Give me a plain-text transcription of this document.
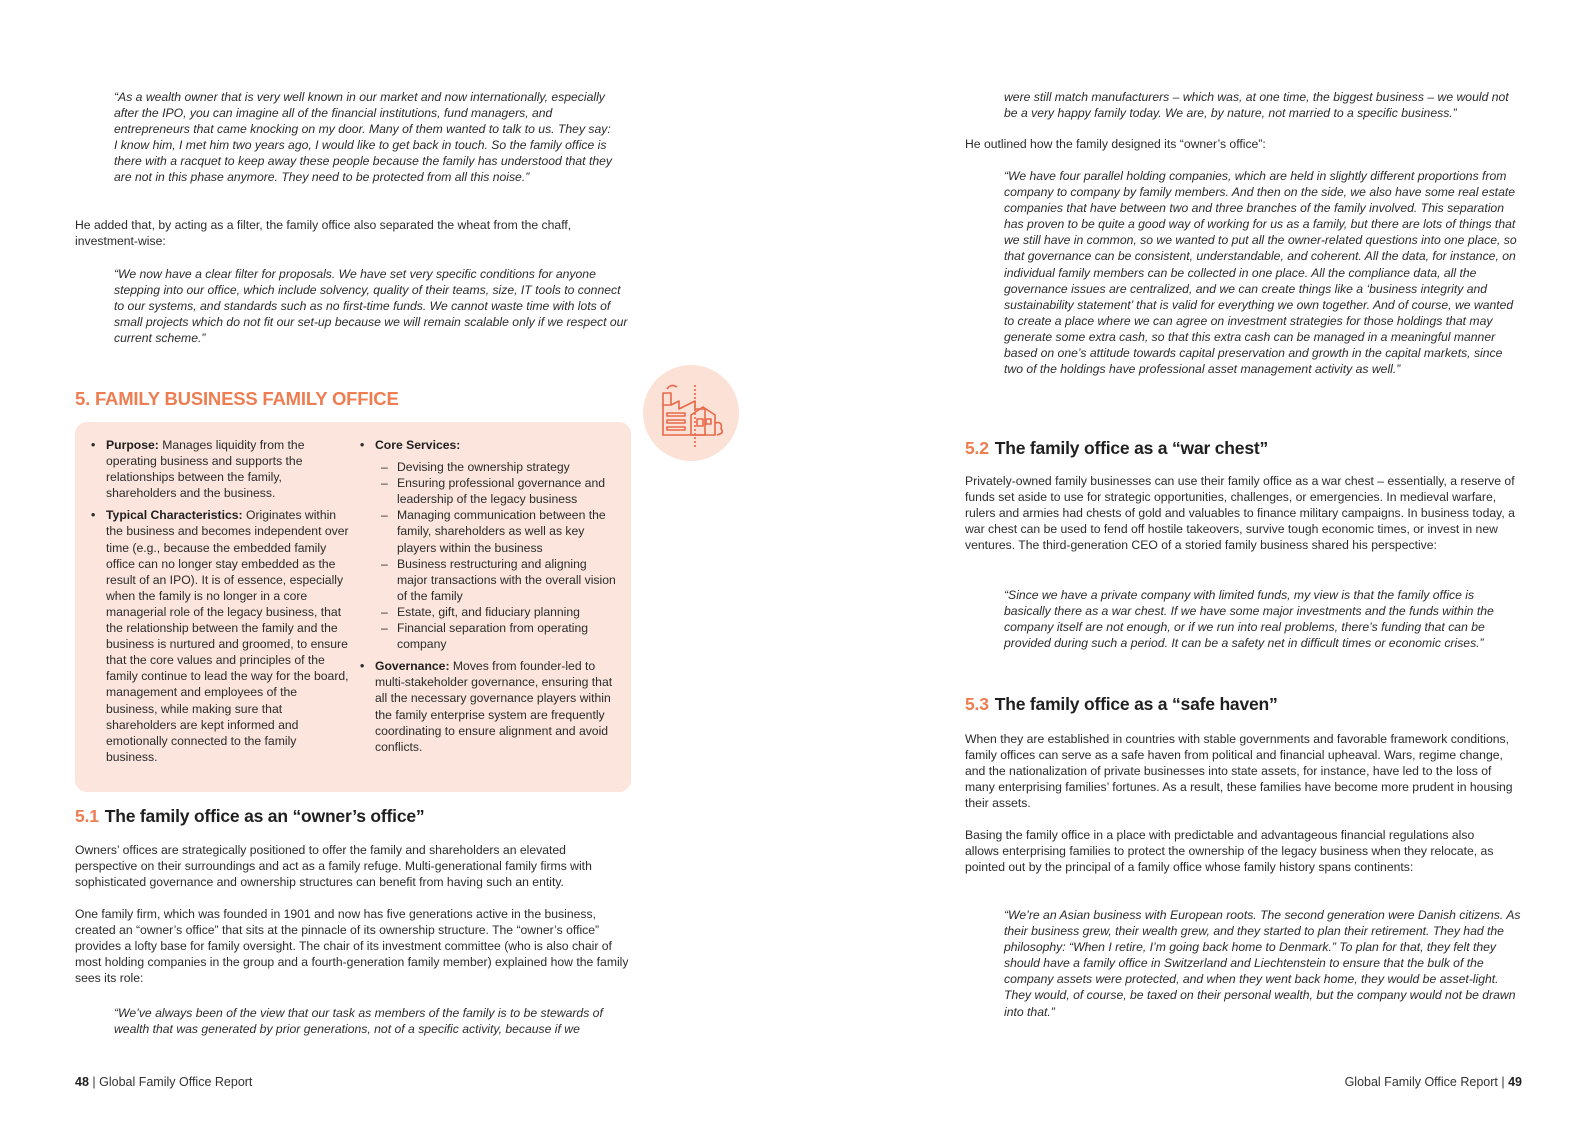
“As a wealth owner that is very well known in our market and now internationally, especially after the IPO, you can imagine all of the financial institutions, fund managers, and entrepreneurs that came knocking on my door. Many of them wanted to talk to us. They say: I know him, I met him two years ago, I would like to get back in touch. So the family office is there with a racquet to keep away these people because the family has understood that they are not in this phase anymore. They need to be protected from all this noise.”

He added that, by acting as a filter, the family office also separated the wheat from the chaff, investment-wise:

“We now have a clear filter for proposals. We have set very specific conditions for anyone stepping into our office, which include solvency, quality of their teams, size, IT tools to connect to our systems, and standards such as no first-time funds. We cannot waste time with lots of small projects which do not fit our set-up because we will remain scalable only if we respect our current scheme.”

5. FAMILY BUSINESS FAMILY OFFICE
• Purpose: Manages liquidity from the operating business and supports the relationships between the family, shareholders and the business.
• Typical Characteristics: Originates within the business and becomes independent over time (e.g., because the embedded family office can no longer stay embedded as the result of an IPO). It is of essence, especially when the family is no longer in a core managerial role of the legacy business, that the relationship between the family and the business is nurtured and groomed, to ensure that the core values and principles of the family continue to lead the way for the board, management and employees of the business, while making sure that shareholders are kept informed and emotionally connected to the family business.
• Core Services:
– Devising the ownership strategy
– Ensuring professional governance and leadership of the legacy business
– Managing communication between the family, shareholders as well as key players within the business
– Business restructuring and aligning major transactions with the overall vision of the family
– Estate, gift, and fiduciary planning
– Financial separation from operating company
• Governance: Moves from founder-led to multi-stakeholder governance, ensuring that all the necessary governance players within the family enterprise system are frequently coordinating to ensure alignment and avoid conflicts.
5.1 The family office as an “owner’s office”

Owners’ offices are strategically positioned to offer the family and shareholders an elevated perspective on their surroundings and act as a family refuge. Multi-generational family firms with sophisticated governance and ownership structures can benefit from having such an entity.

One family firm, which was founded in 1901 and now has five generations active in the business, created an “owner’s office” that sits at the pinnacle of its ownership structure. The “owner’s office” provides a lofty base for family oversight. The chair of its investment committee (who is also chair of most holding companies in the group and a fourth-generation family member) explained how the family sees its role:

“We’ve always been of the view that our task as members of the family is to be stewards of wealth that was generated by prior generations, not of a specific activity, because if we

48 | Global Family Office Report

were still match manufacturers – which was, at one time, the biggest business – we would not be a very happy family today. We are, by nature, not married to a specific business.”

He outlined how the family designed its “owner’s office”:

“We have four parallel holding companies, which are held in slightly different proportions from company to company by family members. And then on the side, we also have some real estate companies that have between two and three branches of the family involved. This separation has proven to be quite a good way of working for us as a family, but there are lots of things that we still have in common, so we wanted to put all the owner-related questions into one place, so that governance can be consistent, understandable, and coherent. All the data, for instance, on individual family members can be collected in one place. All the compliance data, all the governance issues are centralized, and we can create things like a ‘business integrity and sustainability statement’ that is valid for everything we own together. And of course, we wanted to create a place where we can agree on investment strategies for those holdings that may generate some extra cash, so that this extra cash can be managed in a meaningful manner based on one’s attitude towards capital preservation and growth in the capital markets, since two of the holdings have professional asset management activity as well.”

5.2 The family office as a “war chest”

Privately-owned family businesses can use their family office as a war chest – essentially, a reserve of funds set aside to use for strategic opportunities, challenges, or emergencies. In medieval warfare, rulers and armies had chests of gold and valuables to finance military campaigns. In business today, a war chest can be used to fend off hostile takeovers, survive tough economic times, or invest in new ventures. The third-generation CEO of a storied family business shared his perspective:

“Since we have a private company with limited funds, my view is that the family office is basically there as a war chest. If we have some major investments and the funds within the company itself are not enough, or if we run into real problems, there’s funding that can be provided during such a period. It can be a safety net in difficult times or economic crises.”

5.3 The family office as a “safe haven”

When they are established in countries with stable governments and favorable framework conditions, family offices can serve as a safe haven from political and financial upheaval. Wars, regime change, and the nationalization of private businesses into state assets, for instance, have led to the loss of many enterprising families’ fortunes. As a result, these families have become more prudent in housing their assets.

Basing the family office in a place with predictable and advantageous financial regulations also allows enterprising families to protect the ownership of the legacy business when they relocate, as pointed out by the principal of a family office whose family history spans continents:

“We’re an Asian business with European roots. The second generation were Danish citizens. As their business grew, their wealth grew, and they started to plan their retirement. They had the philosophy: “When I retire, I’m going back home to Denmark.” To plan for that, they felt they should have a family office in Switzerland and Liechtenstein to ensure that the bulk of the company assets were protected, and when they went back home, they would be asset-light. They would, of course, be taxed on their personal wealth, but the company would not be drawn into that.”

Global Family Office Report | 49
